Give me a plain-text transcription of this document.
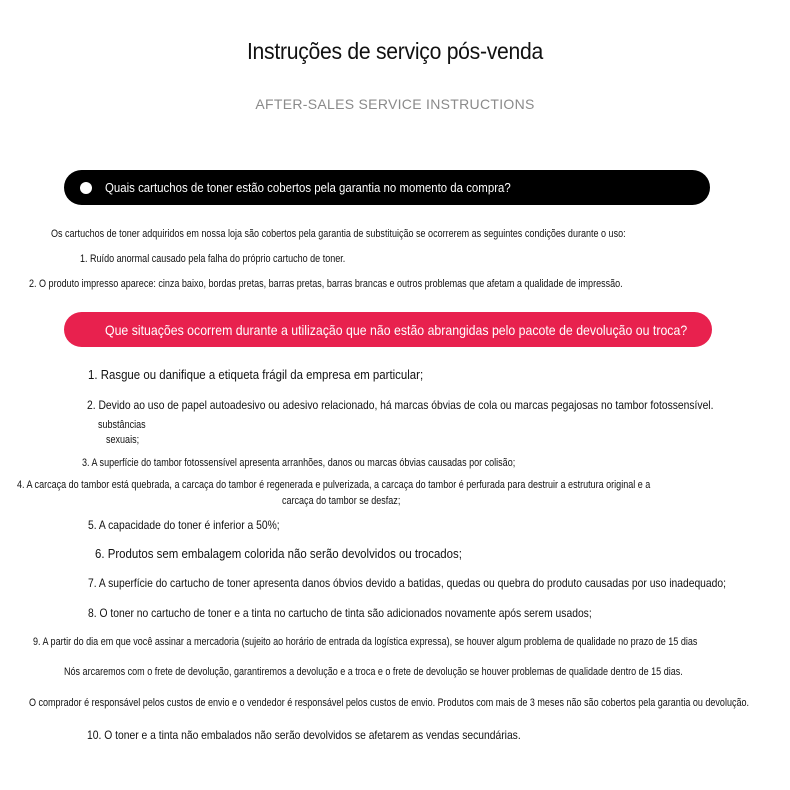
Instruções de serviço pós-venda
AFTER-SALES SERVICE INSTRUCTIONS
Quais cartuchos de toner estão cobertos pela garantia no momento da compra?
Os cartuchos de toner adquiridos em nossa loja são cobertos pela garantia de substituição se ocorrerem as seguintes condições durante o uso:
1. Ruído anormal causado pela falha do próprio cartucho de toner.
2. O produto impresso aparece: cinza baixo, bordas pretas, barras pretas, barras brancas e outros problemas que afetam a qualidade de impressão.
Que situações ocorrem durante a utilização que não estão abrangidas pelo pacote de devolução ou troca?
1. Rasgue ou danifique a etiqueta frágil da empresa em particular;
2. Devido ao uso de papel autoadesivo ou adesivo relacionado, há marcas óbvias de cola ou marcas pegajosas no tambor fotossensível.
substâncias
sexuais;
3. A superfície do tambor fotossensível apresenta arranhões, danos ou marcas óbvias causadas por colisão;
4. A carcaça do tambor está quebrada, a carcaça do tambor é regenerada e pulverizada, a carcaça do tambor é perfurada para destruir a estrutura original e a
carcaça do tambor se desfaz;
5. A capacidade do toner é inferior a 50%;
6. Produtos sem embalagem colorida não serão devolvidos ou trocados;
7. A superfície do cartucho de toner apresenta danos óbvios devido a batidas, quedas ou quebra do produto causadas por uso inadequado;
8. O toner no cartucho de toner e a tinta no cartucho de tinta são adicionados novamente após serem usados;
9. A partir do dia em que você assinar a mercadoria (sujeito ao horário de entrada da logística expressa), se houver algum problema de qualidade no prazo de 15 dias
Nós arcaremos com o frete de devolução, garantiremos a devolução e a troca e o frete de devolução se houver problemas de qualidade dentro de 15 dias.
O comprador é responsável pelos custos de envio e o vendedor é responsável pelos custos de envio. Produtos com mais de 3 meses não são cobertos pela garantia ou devolução.
10. O toner e a tinta não embalados não serão devolvidos se afetarem as vendas secundárias.
